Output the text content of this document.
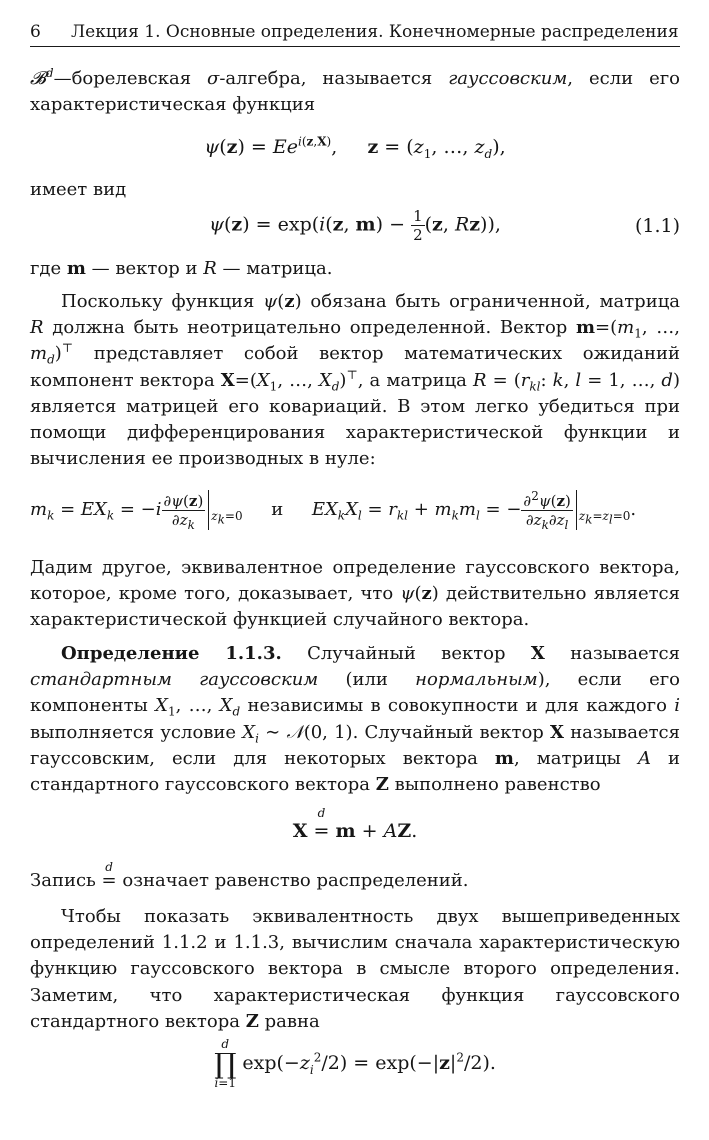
6 Лекция 1. Основные определения. Конечномерные распределения

𝓑$^d$—борелевская σ-алгебра, называется гауссовским, если его характеристическая функция

$\psi(z) = Ee^{i(z,X)}$,     $z = (z_1$, …, $z_d$),

имеет вид

ψ(z) = exp(i(z, $m) - \frac{1}{2} (z$, Rz)),	(1.1)

где m — вектор и R — матрица.

Поскольку функция ψ(z) обязана быть ограниченной, матрица R должна быть неотрицательно определенной. Вектор $m=(m_1$, …, $m_d)^⊤$ представляет собой вектор математических ожиданий компонент вектора $X=(X_1$, …, $X_d)^⊤$, а матрица $R = (r_{kl}$: k, l = 1, …, d) является матрицей его ковариаций. В этом легко убедиться при помощи дифференцирования характеристической функции и вычисления ее производных в нуле:

$m_k = EX_k = -i \frac{\partial\psi(z)}{\partial z_k} _{z_k=0}$ и $EX_kX_l = r_{kl} + m_km_l$ = − $\frac{\partial^2\psi(z)}{\partial z_k\partial z_l} _{z_k=z_l=0}$.

Дадим другое, эквивалентное определение гауссовского вектора, которое, кроме того, доказывает, что ψ(z) действительно является характеристической функцией случайного вектора.

Определение 1.1.3. Случайный вектор X называется стандартным гауссовским (или нормальным), если его компоненты $X_1$, …, $X_d$ независимы в совокупности и для каждого i выполняется условие $X_i$ ∼ 𝒩(0, 1). Случайный вектор X называется гауссовским, если для некоторых вектора m, матрицы A и стандартного гауссовского вектора Z выполнено равенство

X =
d
m + AZ.

Запись =
d
означает равенство распределений.

Чтобы показать эквивалентность двух вышеприведенных определений 1.1.2 и 1.1.3, вычислим сначала характеристическую функцию гауссовского вектора в смысле второго определения. Заметим, что характеристическая функция гауссовского стандартного вектора Z равна

d
∏
i=1 $\exp(-z_i^2/2) = \exp(-|z|^2/2)$.
